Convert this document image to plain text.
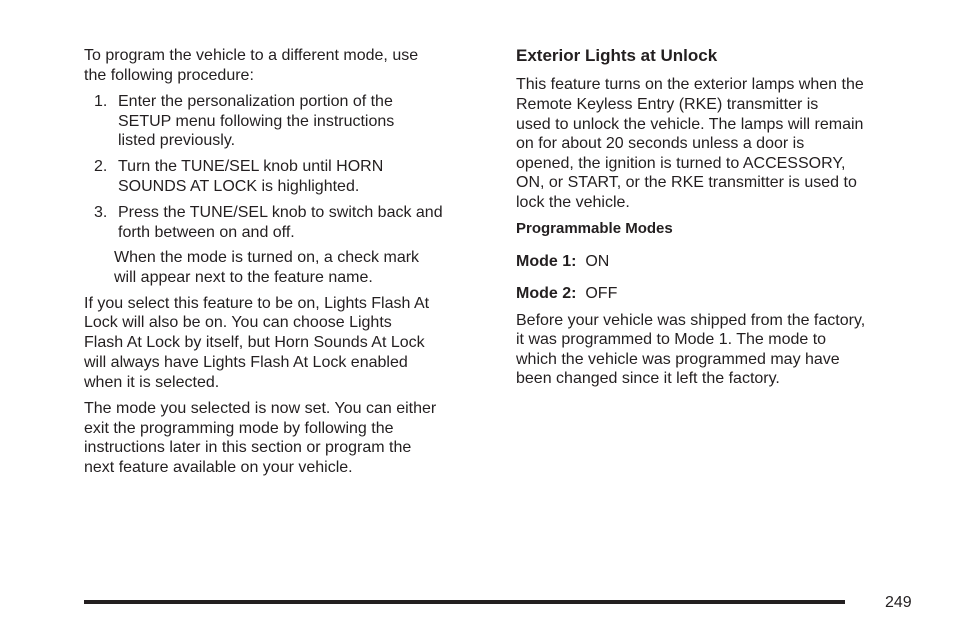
To program the vehicle to a different mode, use
the following procedure:
1. Enter the personalization portion of the
SETUP menu following the instructions
listed previously.
2. Turn the TUNE/SEL knob until HORN
SOUNDS AT LOCK is highlighted.
3. Press the TUNE/SEL knob to switch back and
forth between on and off.
When the mode is turned on, a check mark
will appear next to the feature name.
If you select this feature to be on, Lights Flash At
Lock will also be on. You can choose Lights
Flash At Lock by itself, but Horn Sounds At Lock
will always have Lights Flash At Lock enabled
when it is selected.
The mode you selected is now set. You can either
exit the programming mode by following the
instructions later in this section or program the
next feature available on your vehicle.
Exterior Lights at Unlock
This feature turns on the exterior lamps when the
Remote Keyless Entry (RKE) transmitter is
used to unlock the vehicle. The lamps will remain
on for about 20 seconds unless a door is
opened, the ignition is turned to ACCESSORY,
ON, or START, or the RKE transmitter is used to
lock the vehicle.
Programmable Modes
Mode 1: ON
Mode 2: OFF
Before your vehicle was shipped from the factory,
it was programmed to Mode 1. The mode to
which the vehicle was programmed may have
been changed since it left the factory.
249
